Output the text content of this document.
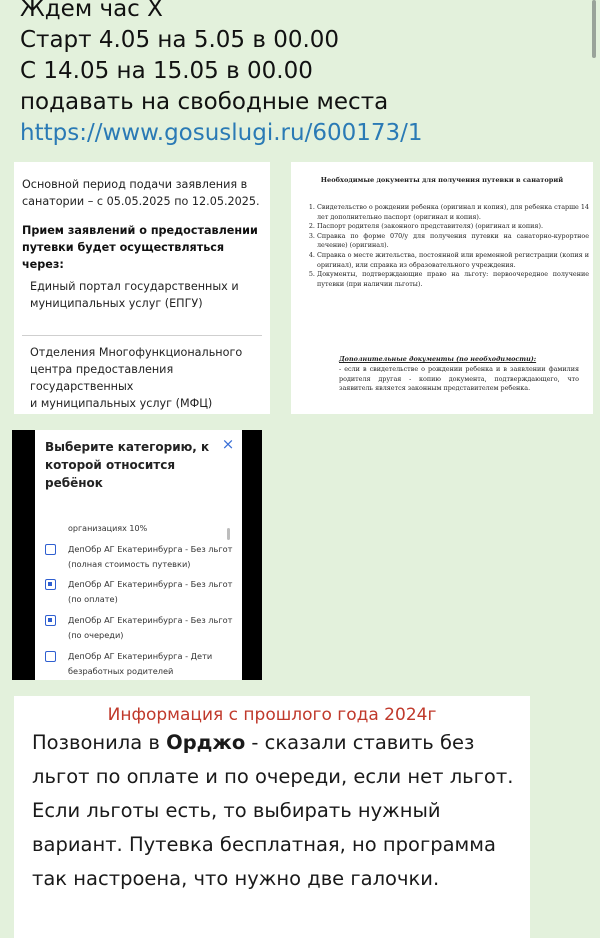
Ждем час Х
Старт 4.05 на 5.05 в 00.00
С 14.05 на 15.05 в 00.00
подавать на свободные места
https://www.gosuslugi.ru/600173/1
Основной период подачи заявления в санатории – с 05.05.2025 по 12.05.2025.
Прием заявлений о предоставлении путевки будет осуществляться через:
Единый портал государственных и муниципальных услуг (ЕПГУ)
Отделения Многофункционального
центра предоставления
государственных
и муниципальных услуг (МФЦ)
Необходимые документы для получения путевки в санаторий
1. Свидетельство о рождении ребенка (оригинал и копия), для ребенка старше 14 лет дополнительно паспорт (оригинал и копия).
2. Паспорт родителя (законного представителя) (оригинал и копия).
3. Справка по форме 070/у для получения путевки на санаторно-курортное лечение) (оригинал).
4. Справка о месте жительства, постоянной или временной регистрации (копия и оригинал), или справка из образовательного учреждения.
5. Документы, подтверждающие право на льготу: первоочередное получение путевки (при наличии льготы).
Дополнительные документы (по необходимости):
- если в свидетельстве о рождении ребенка и в заявлении фамилия родителя другая - копию документа, подтверждающего, что заявитель является законным представителем ребенка.
Выберите категорию, к которой относится ребёнок
×
организациях 10%
ДепОбр АГ Екатеринбурга - Без льгот (полная стоимость путевки)
ДепОбр АГ Екатеринбурга - Без льгот (по оплате)
ДепОбр АГ Екатеринбурга - Без льгот (по очереди)
ДепОбр АГ Екатеринбурга - Дети безработных родителей
Информация с прошлого года 2024г
Позвонила в Орджо - сказали ставить без льгот по оплате и по очереди, если нет льгот. Если льготы есть, то выбирать нужный вариант. Путевка бесплатная, но программа так настроена, что нужно две галочки.
